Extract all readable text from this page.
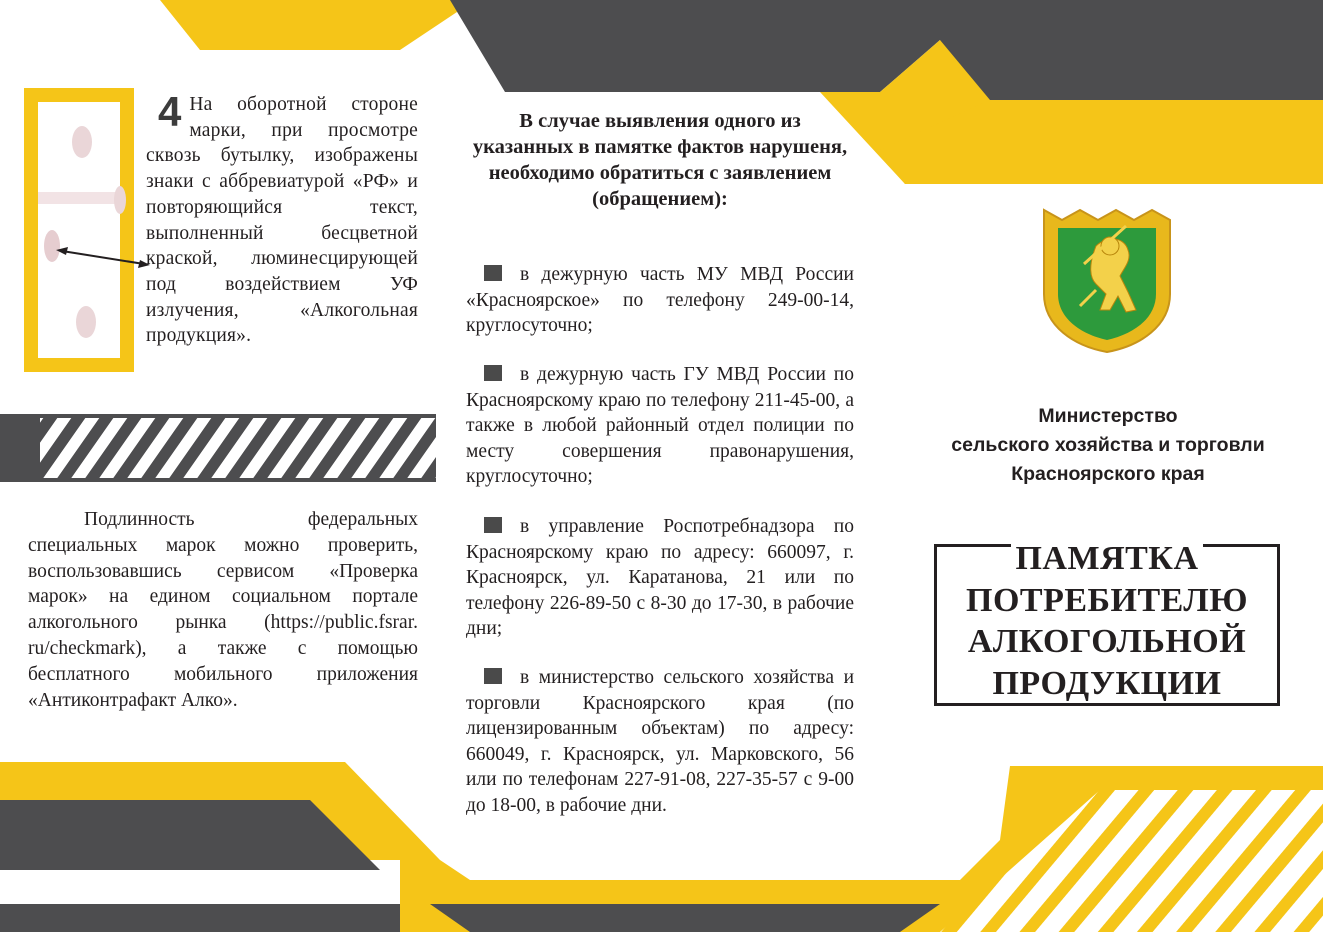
4 На оборотной стороне марки, при просмотре сквозь бутылку, изображены знаки с аббревиатурой «РФ» и повторяющийся текст, выполненный бесцветной краской, люминесцирующей под воздействием УФ излучения, «Алкогольная продукция».
Подлинность федеральных специальных марок можно проверить, воспользовавшись сервисом «Проверка марок» на едином социальном портале алкогольного рынка (https://public.fsrar. ru/checkmark), а также с помощью бесплатного мобильного приложения «Антиконтрафакт Алко».
В случае выявления одного из указанных в памятке фактов нарушеня, необходимо обратиться с заявлением (обращением):
в дежурную часть МУ МВД России «Красноярское» по телефону 249-00-14, круглосуточно;
в дежурную часть ГУ МВД России по Красноярскому краю по телефону 211-45-00, а также в любой районный отдел полиции по месту совершения правонарушения, круглосуточно;
в управление Роспотребнадзора по Красноярскому краю по адресу: 660097, г. Красноярск, ул. Каратанова, 21 или по телефону 226-89-50 с 8-30 до 17-30, в рабочие дни;
в министерство сельского хозяйства и торговли Красноярского края (по лицензированным объектам) по адресу: 660049, г. Красноярск, ул. Марковского, 56 или по телефонам 227-91-08, 227-35-57 с 9-00 до 18-00, в рабочие дни.
Министерство
сельского хозяйства и торговли
Красноярского края
ПАМЯТКА
ПОТРЕБИТЕЛЮ
АЛКОГОЛЬНОЙ
ПРОДУКЦИИ
